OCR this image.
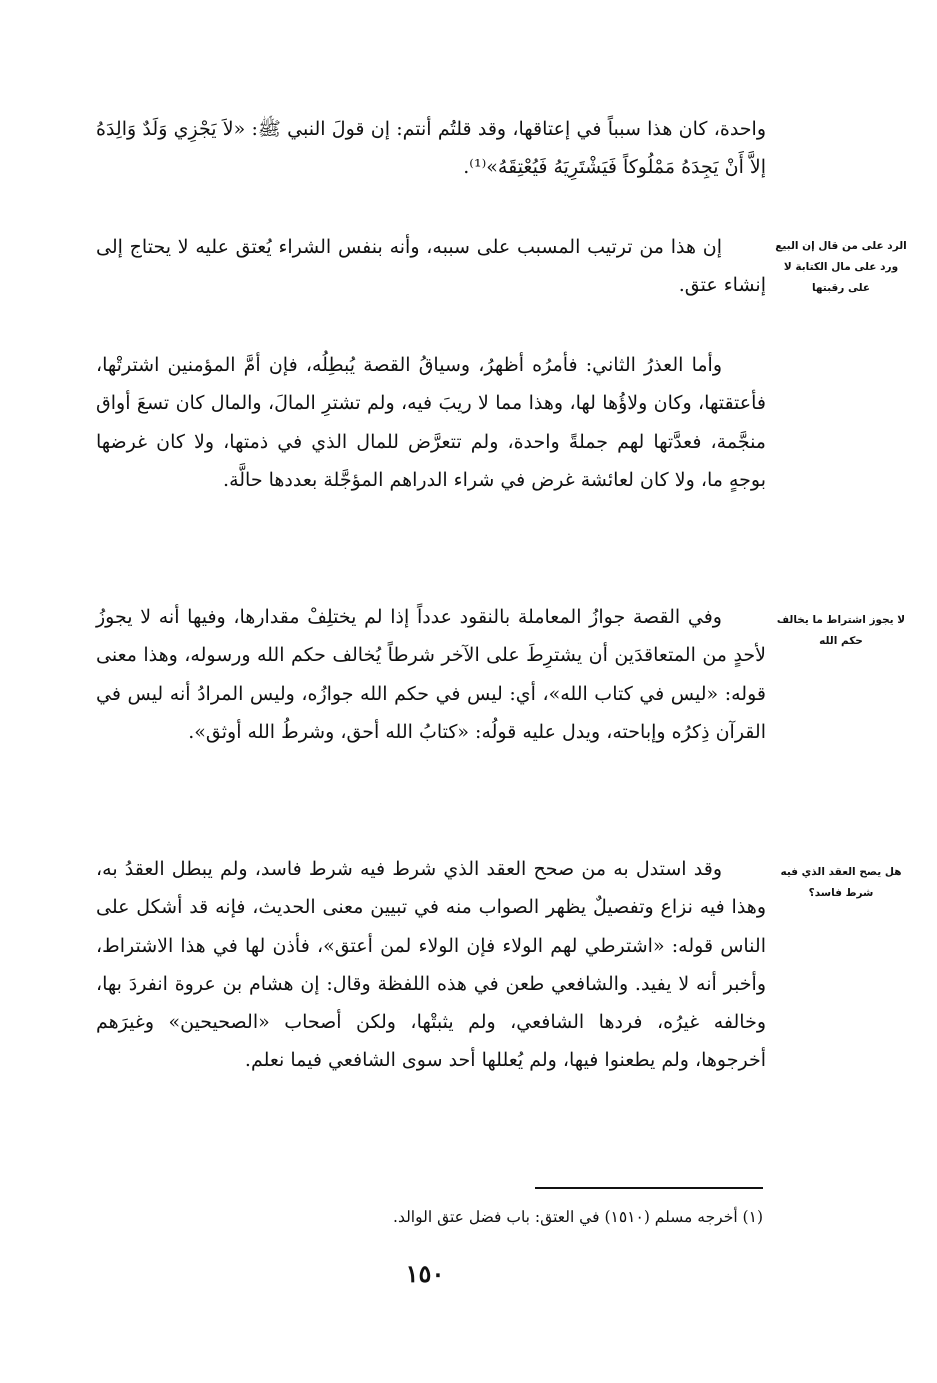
واحدة، كان هذا سبباً في إعتاقها، وقد قلتُم أنتم: إن قولَ النبي ﷺ: «لاَ يَجْزِي وَلَدٌ وَالِدَهُ إلاَّ أَنْ يَجِدَهُ مَمْلُوكاً فَيَشْتَرِيَهُ فَيُعْتِقَهُ»⁽¹⁾.

الرد على من قال إن البيع ورد على مال الكتابة لا على رقبتها

إن هذا من ترتيب المسبب على سببه، وأنه بنفس الشراء يُعتق عليه لا يحتاج إلى إنشاء عتق.

وأما العذرُ الثاني: فأمرُه أظهرُ، وسياقُ القصة يُبطِلُه، فإن أمَّ المؤمنين اشترتْها، فأعتقتها، وكان ولاؤُها لها، وهذا مما لا ريبَ فيه، ولم تشترِ المالَ، والمال كان تسعَ أواق منجَّمة، فعدَّتها لهم جملةً واحدة، ولم تتعرَّض للمال الذي في ذمتها، ولا كان غرضها بوجهٍ ما، ولا كان لعائشة غرض في شراء الدراهم المؤجَّلة بعددها حالَّة.

لا يجوز اشتراط ما يخالف حكم الله

وفي القصة جوازُ المعاملة بالنقود عدداً إذا لم يختلِفْ مقدارها، وفيها أنه لا يجوزُ لأحدٍ من المتعاقدَين أن يشترِطَ على الآخر شرطاً يُخالف حكم الله ورسوله، وهذا معنى قوله: «ليس في كتاب الله»، أي: ليس في حكم الله جوازُه، وليس المرادُ أنه ليس في القرآن ذِكرُه وإباحته، ويدل عليه قولُه: «كتابُ الله أحق، وشرطُ الله أوثق».

هل يصح العقد الذي فيه شرط فاسد؟

وقد استدل به من صحح العقد الذي شرط فيه شرط فاسد، ولم يبطل العقدُ به، وهذا فيه نزاع وتفصيلٌ يظهر الصواب منه في تبيين معنى الحديث، فإنه قد أشكل على الناس قوله: «اشترطي لهم الولاء فإن الولاء لمن أعتق»، فأذن لها في هذا الاشتراط، وأخبر أنه لا يفيد. والشافعي طعن في هذه اللفظة وقال: إن هشام بن عروة انفردَ بها، وخالفه غيرُه، فردها الشافعي، ولم يثبتْها، ولكن أصحاب «الصحيحين» وغيرَهم أخرجوها، ولم يطعنوا فيها، ولم يُعللها أحد سوى الشافعي فيما نعلم.

(١) أخرجه مسلم (١٥١٠) في العتق: باب فضل عتق الوالد.

١٥٠
